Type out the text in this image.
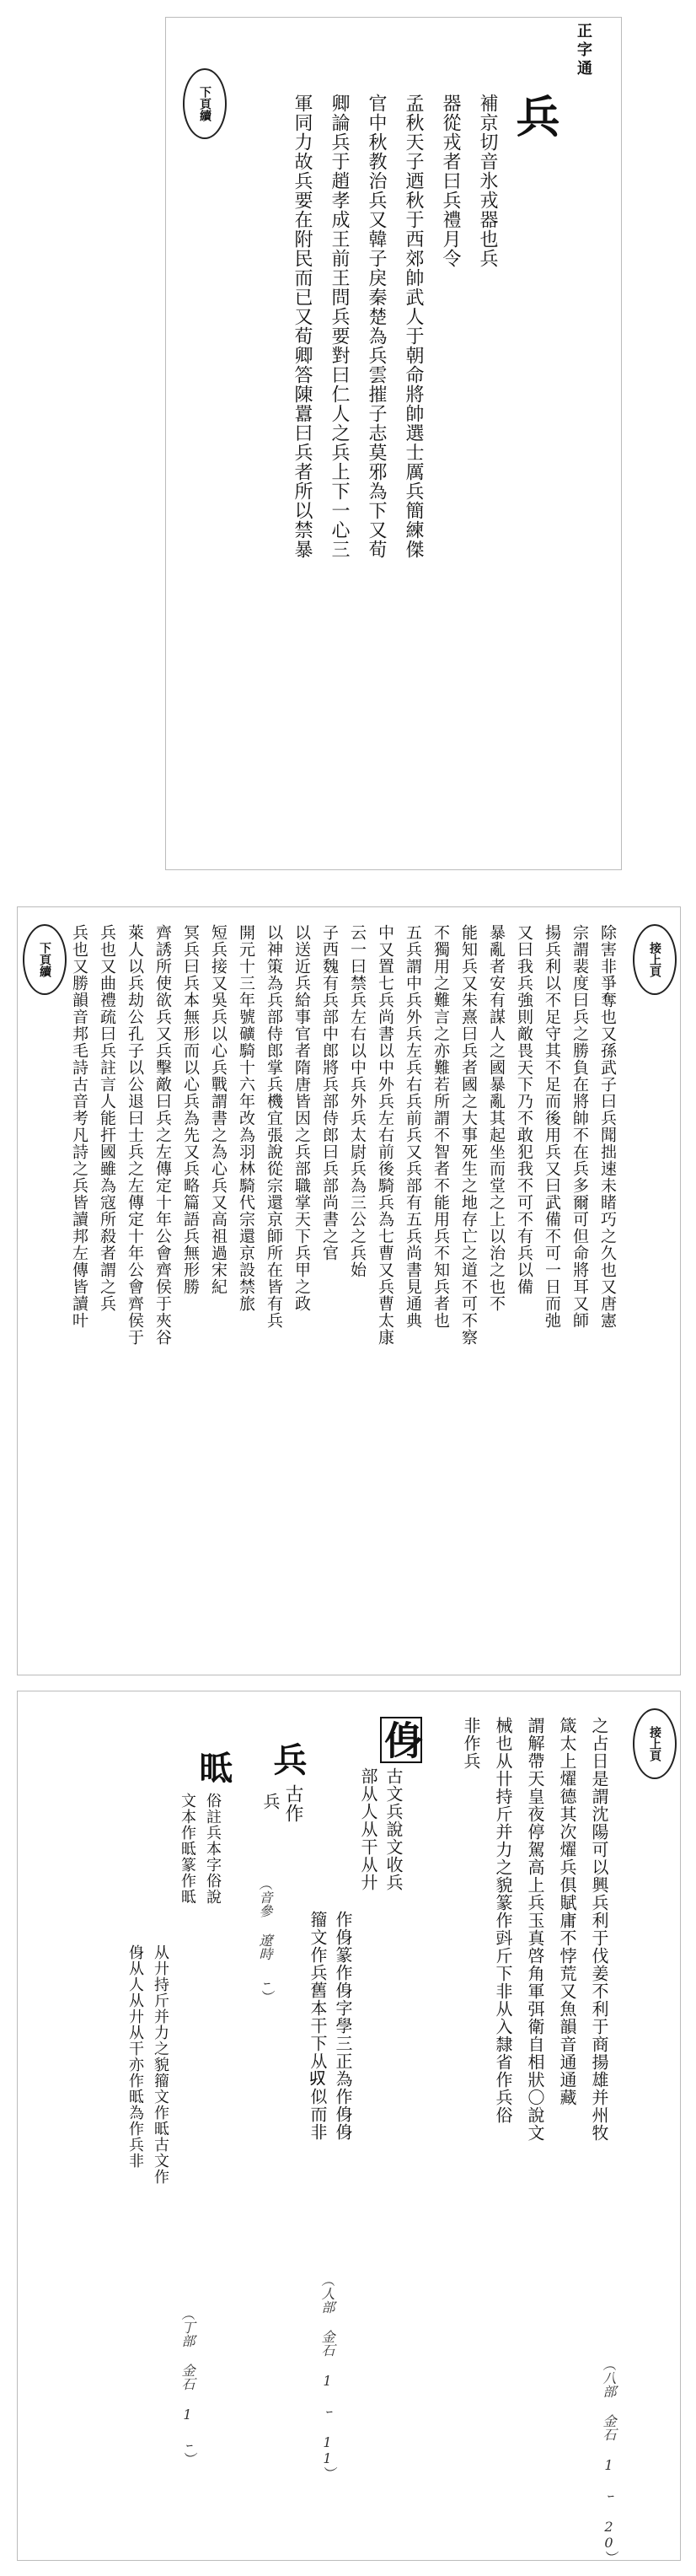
正字通
下頁續	兵
補京切音氷戎器也兵
器從戎者曰兵禮月令
孟秋天子迺秋于西郊帥武人于朝命將帥選士厲兵簡練傑
官中秋教治兵又韓子戾秦楚為兵雲摧子志莫邪為下又荀
卿論兵于趙孝成王前王問兵要對曰仁人之兵上下一心三
軍同力故兵要在附民而已又荀卿答陳囂曰兵者所以禁暴
接上頁
下頁續	除害非爭奪也又孫武子曰兵聞拙速未睹巧之久也又唐憲
宗謂裴度曰兵之勝負在將帥不在兵多爾可但命將耳又師
揚兵利以不足守其不足而後用兵又曰武備不可一日而弛
又曰我兵強則敵畏天下乃不敢犯我不可不有兵以備
暴亂者安有謀人之國暴亂其起坐而堂之上以治之也不
能知兵又朱熹曰兵者國之大事死生之地存亡之道不可不察
不獨用之難言之亦難若所謂不智者不能用兵不知兵者也
五兵謂中兵外兵左兵右兵前兵又兵部有五兵尚書見通典
中又置七兵尚書以中外兵左右前後騎兵為七曹又兵曹太康
云一曰禁兵左右以中兵外兵太尉兵為三公之兵始
子西魏有兵部中郎將兵部侍郎曰兵部尚書之官
以送近兵給事官者隋唐皆因之兵部職掌天下兵甲之政
以神策為兵部侍郎掌兵機宜張說從宗還京師所在皆有兵
開元十三年號礦騎十六年改為羽林騎代宗還京設禁旅
短兵接又吳兵以心兵戰謂書之為心兵又高祖過宋紀
冥兵曰兵本無形而以心兵為先又兵略篇語兵無形勝
齊誘所使欲兵又兵擊敵曰兵之左傳定十年公會齊侯于夾谷
萊人以兵劫公孔子以公退曰士兵之左傳定十年公會齊侯于
兵也又曲禮疏曰兵註言人能扞國雖為寇所殺者謂之兵
兵也又勝韻音邦毛詩古音考凡詩之兵皆讀邦左傳皆讀叶
接上頁
（八部 金石 1 ｰ 20）
㑗
（人部 金石 1 ｰ 11）
兵
古作
兵
（音參 遼時 ｰ）
㫝
（丁部 金石 1 ｰ）
之占日是謂沈陽可以興兵利于伐姜不利于商揚雄并州牧
箴太上燿德其次燿兵俱賦庸不悖荒又魚韻音通通藏
謂解帶天皇夜停駕高上兵玉真啓角軍弭衛自相狀〇說文
械也从卄持斤并力之貌篆作㪷斤下非从入隸省作兵俗
非作兵
古文兵說文收兵
部从人从干从廾
作㑗篆作㑗字學三正為作㑗㑗
籀文作兵舊本干下从𠬞似而非
俗註兵本字俗說
文本作㫝篆作㫝
从廾持斤并力之貌籀文作㫝古文作
㑗从人从廾从干亦作㫝為作兵非
